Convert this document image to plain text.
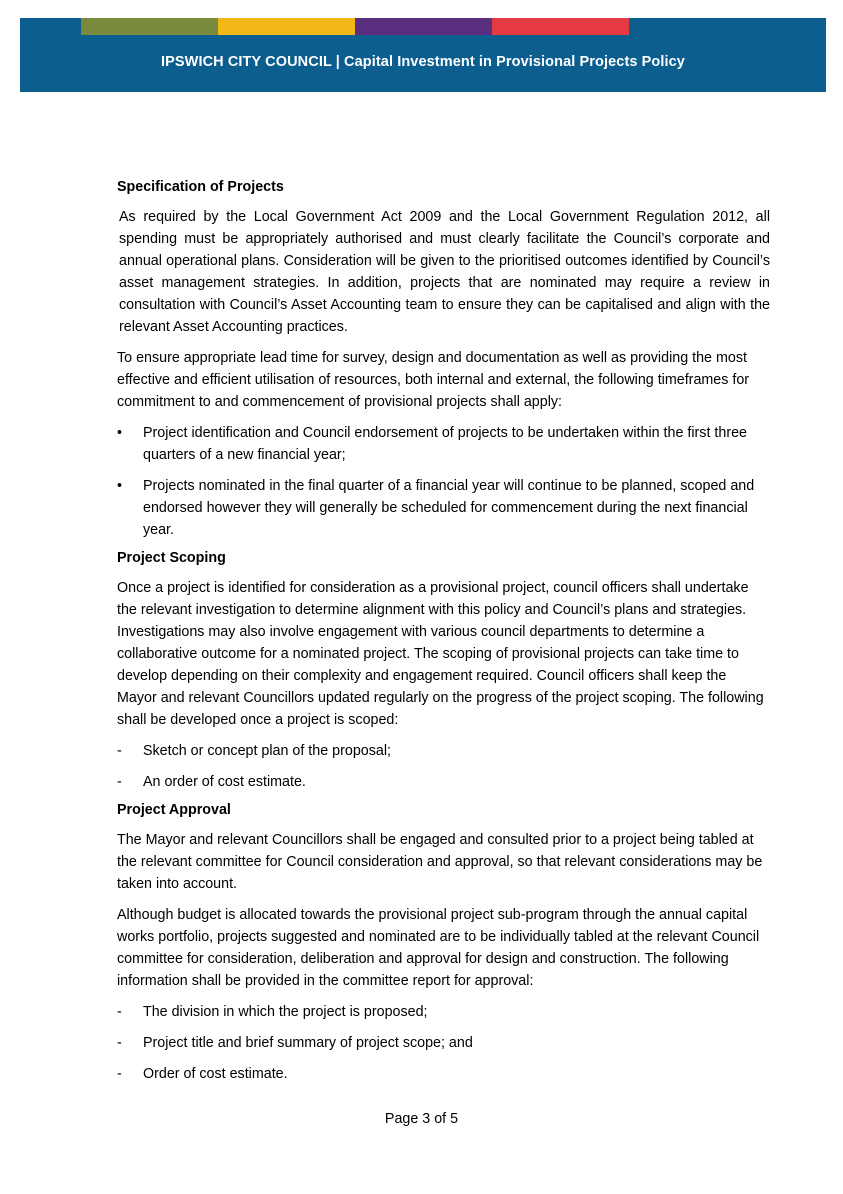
IPSWICH CITY COUNCIL | Capital Investment in Provisional Projects Policy
Specification of Projects
As required by the Local Government Act 2009 and the Local Government Regulation 2012, all spending must be appropriately authorised and must clearly facilitate the Council’s corporate and annual operational plans. Consideration will be given to the prioritised outcomes identified by Council’s asset management strategies. In addition, projects that are nominated may require a review in consultation with Council’s Asset Accounting team to ensure they can be capitalised and align with the relevant Asset Accounting practices.
To ensure appropriate lead time for survey, design and documentation as well as providing the most effective and efficient utilisation of resources, both internal and external, the following timeframes for commitment to and commencement of provisional projects shall apply:
•	Project identification and Council endorsement of projects to be undertaken within the first three quarters of a new financial year;
•	Projects nominated in the final quarter of a financial year will continue to be planned, scoped and endorsed however they will generally be scheduled for commencement during the next financial year.
Project Scoping
Once a project is identified for consideration as a provisional project, council officers shall undertake the relevant investigation to determine alignment with this policy and Council’s plans and strategies. Investigations may also involve engagement with various council departments to determine a collaborative outcome for a nominated project. The scoping of provisional projects can take time to develop depending on their complexity and engagement required. Council officers shall keep the Mayor and relevant Councillors updated regularly on the progress of the project scoping. The following shall be developed once a project is scoped:
-	Sketch or concept plan of the proposal;
-	An order of cost estimate.
Project Approval
The Mayor and relevant Councillors shall be engaged and consulted prior to a project being tabled at the relevant committee for Council consideration and approval, so that relevant considerations may be taken into account.
Although budget is allocated towards the provisional project sub-program through the annual capital works portfolio, projects suggested and nominated are to be individually tabled at the relevant Council committee for consideration, deliberation and approval for design and construction. The following information shall be provided in the committee report for approval:
-	The division in which the project is proposed;
-	Project title and brief summary of project scope; and
-	Order of cost estimate.
Page 3 of 5
